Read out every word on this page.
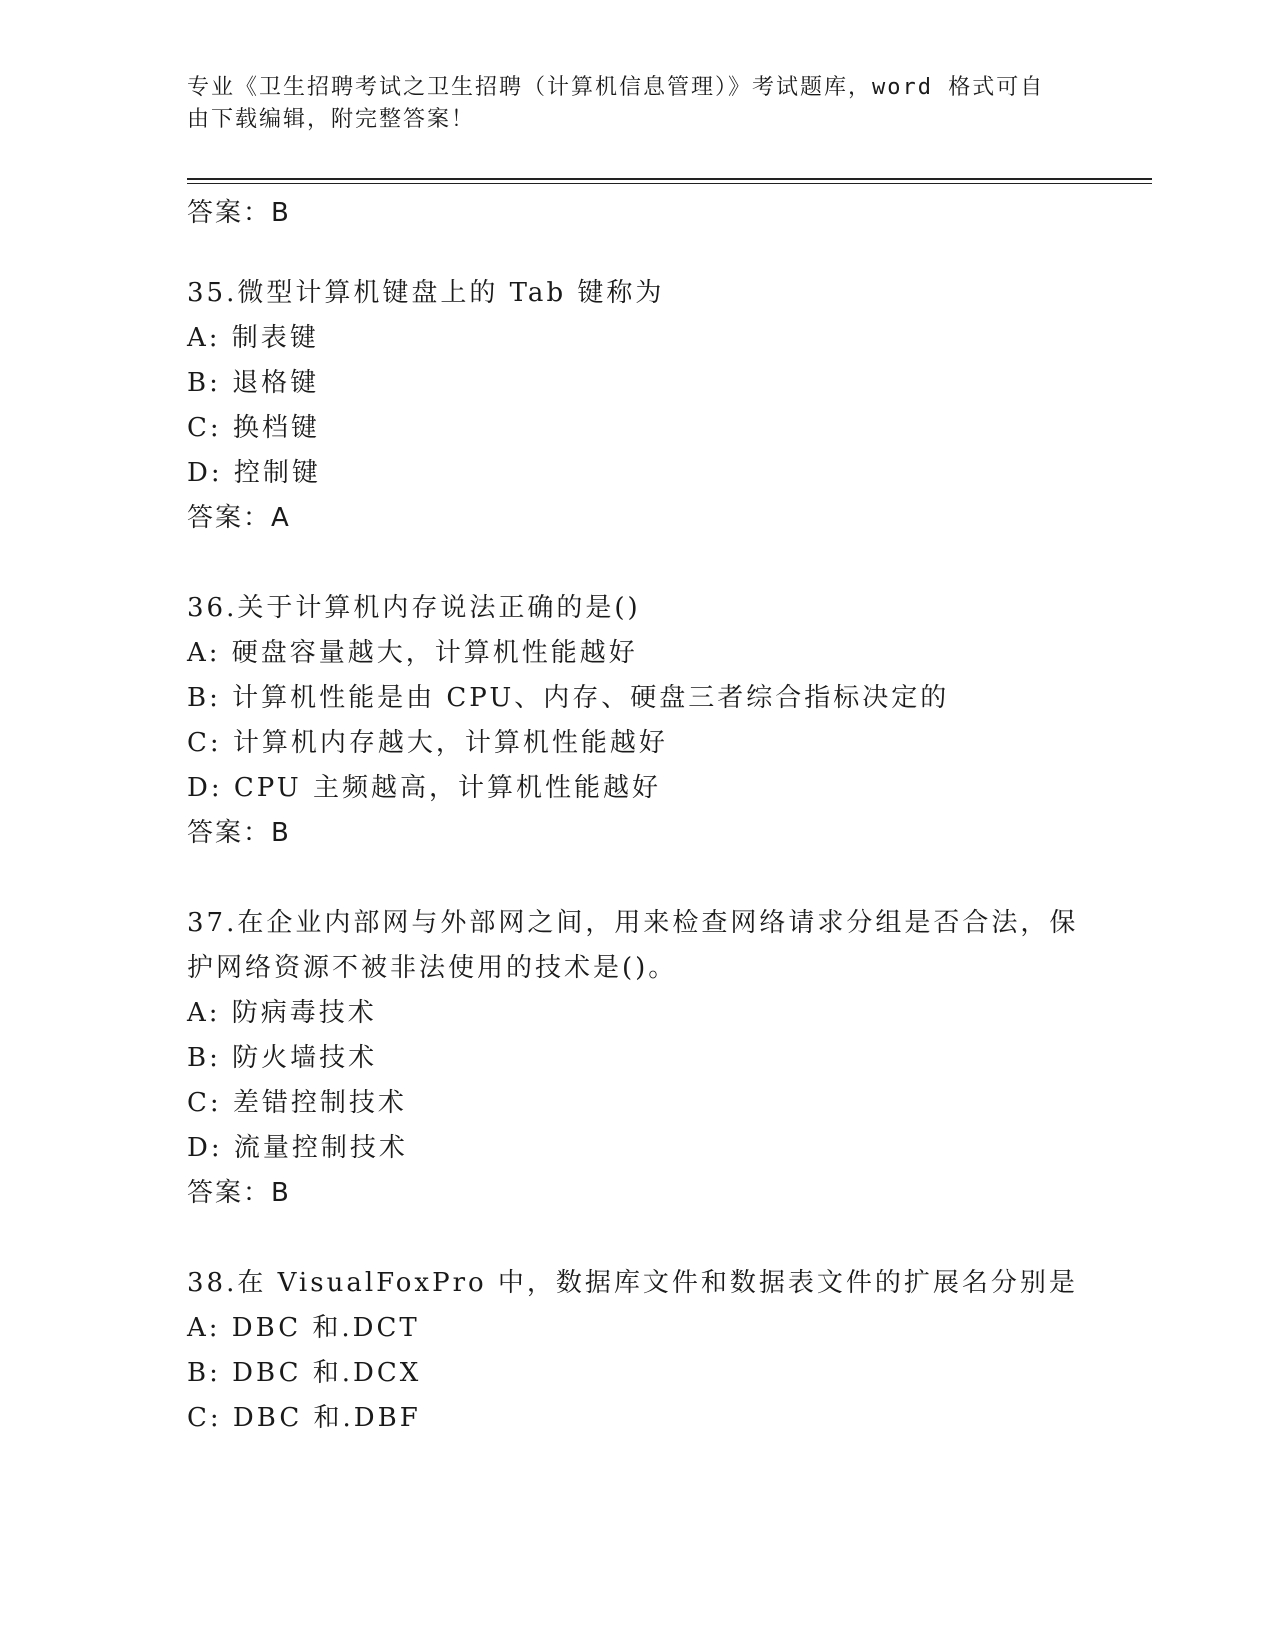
专业《卫生招聘考试之卫生招聘（计算机信息管理）》考试题库，word 格式可自
由下载编辑，附完整答案！
答案：B
35.微型计算机键盘上的 Tab 键称为
A: 制表键
B: 退格键
C: 换档键
D: 控制键
答案：A
36.关于计算机内存说法正确的是()
A: 硬盘容量越大，计算机性能越好
B: 计算机性能是由 CPU、内存、硬盘三者综合指标决定的
C: 计算机内存越大，计算机性能越好
D: CPU 主频越高，计算机性能越好
答案：B
37.在企业内部网与外部网之间，用来检查网络请求分组是否合法，保
护网络资源不被非法使用的技术是()。
A: 防病毒技术
B: 防火墙技术
C: 差错控制技术
D: 流量控制技术
答案：B
38.在 VisualFoxPro 中，数据库文件和数据表文件的扩展名分别是
A: DBC 和.DCT
B: DBC 和.DCX
C: DBC 和.DBF
